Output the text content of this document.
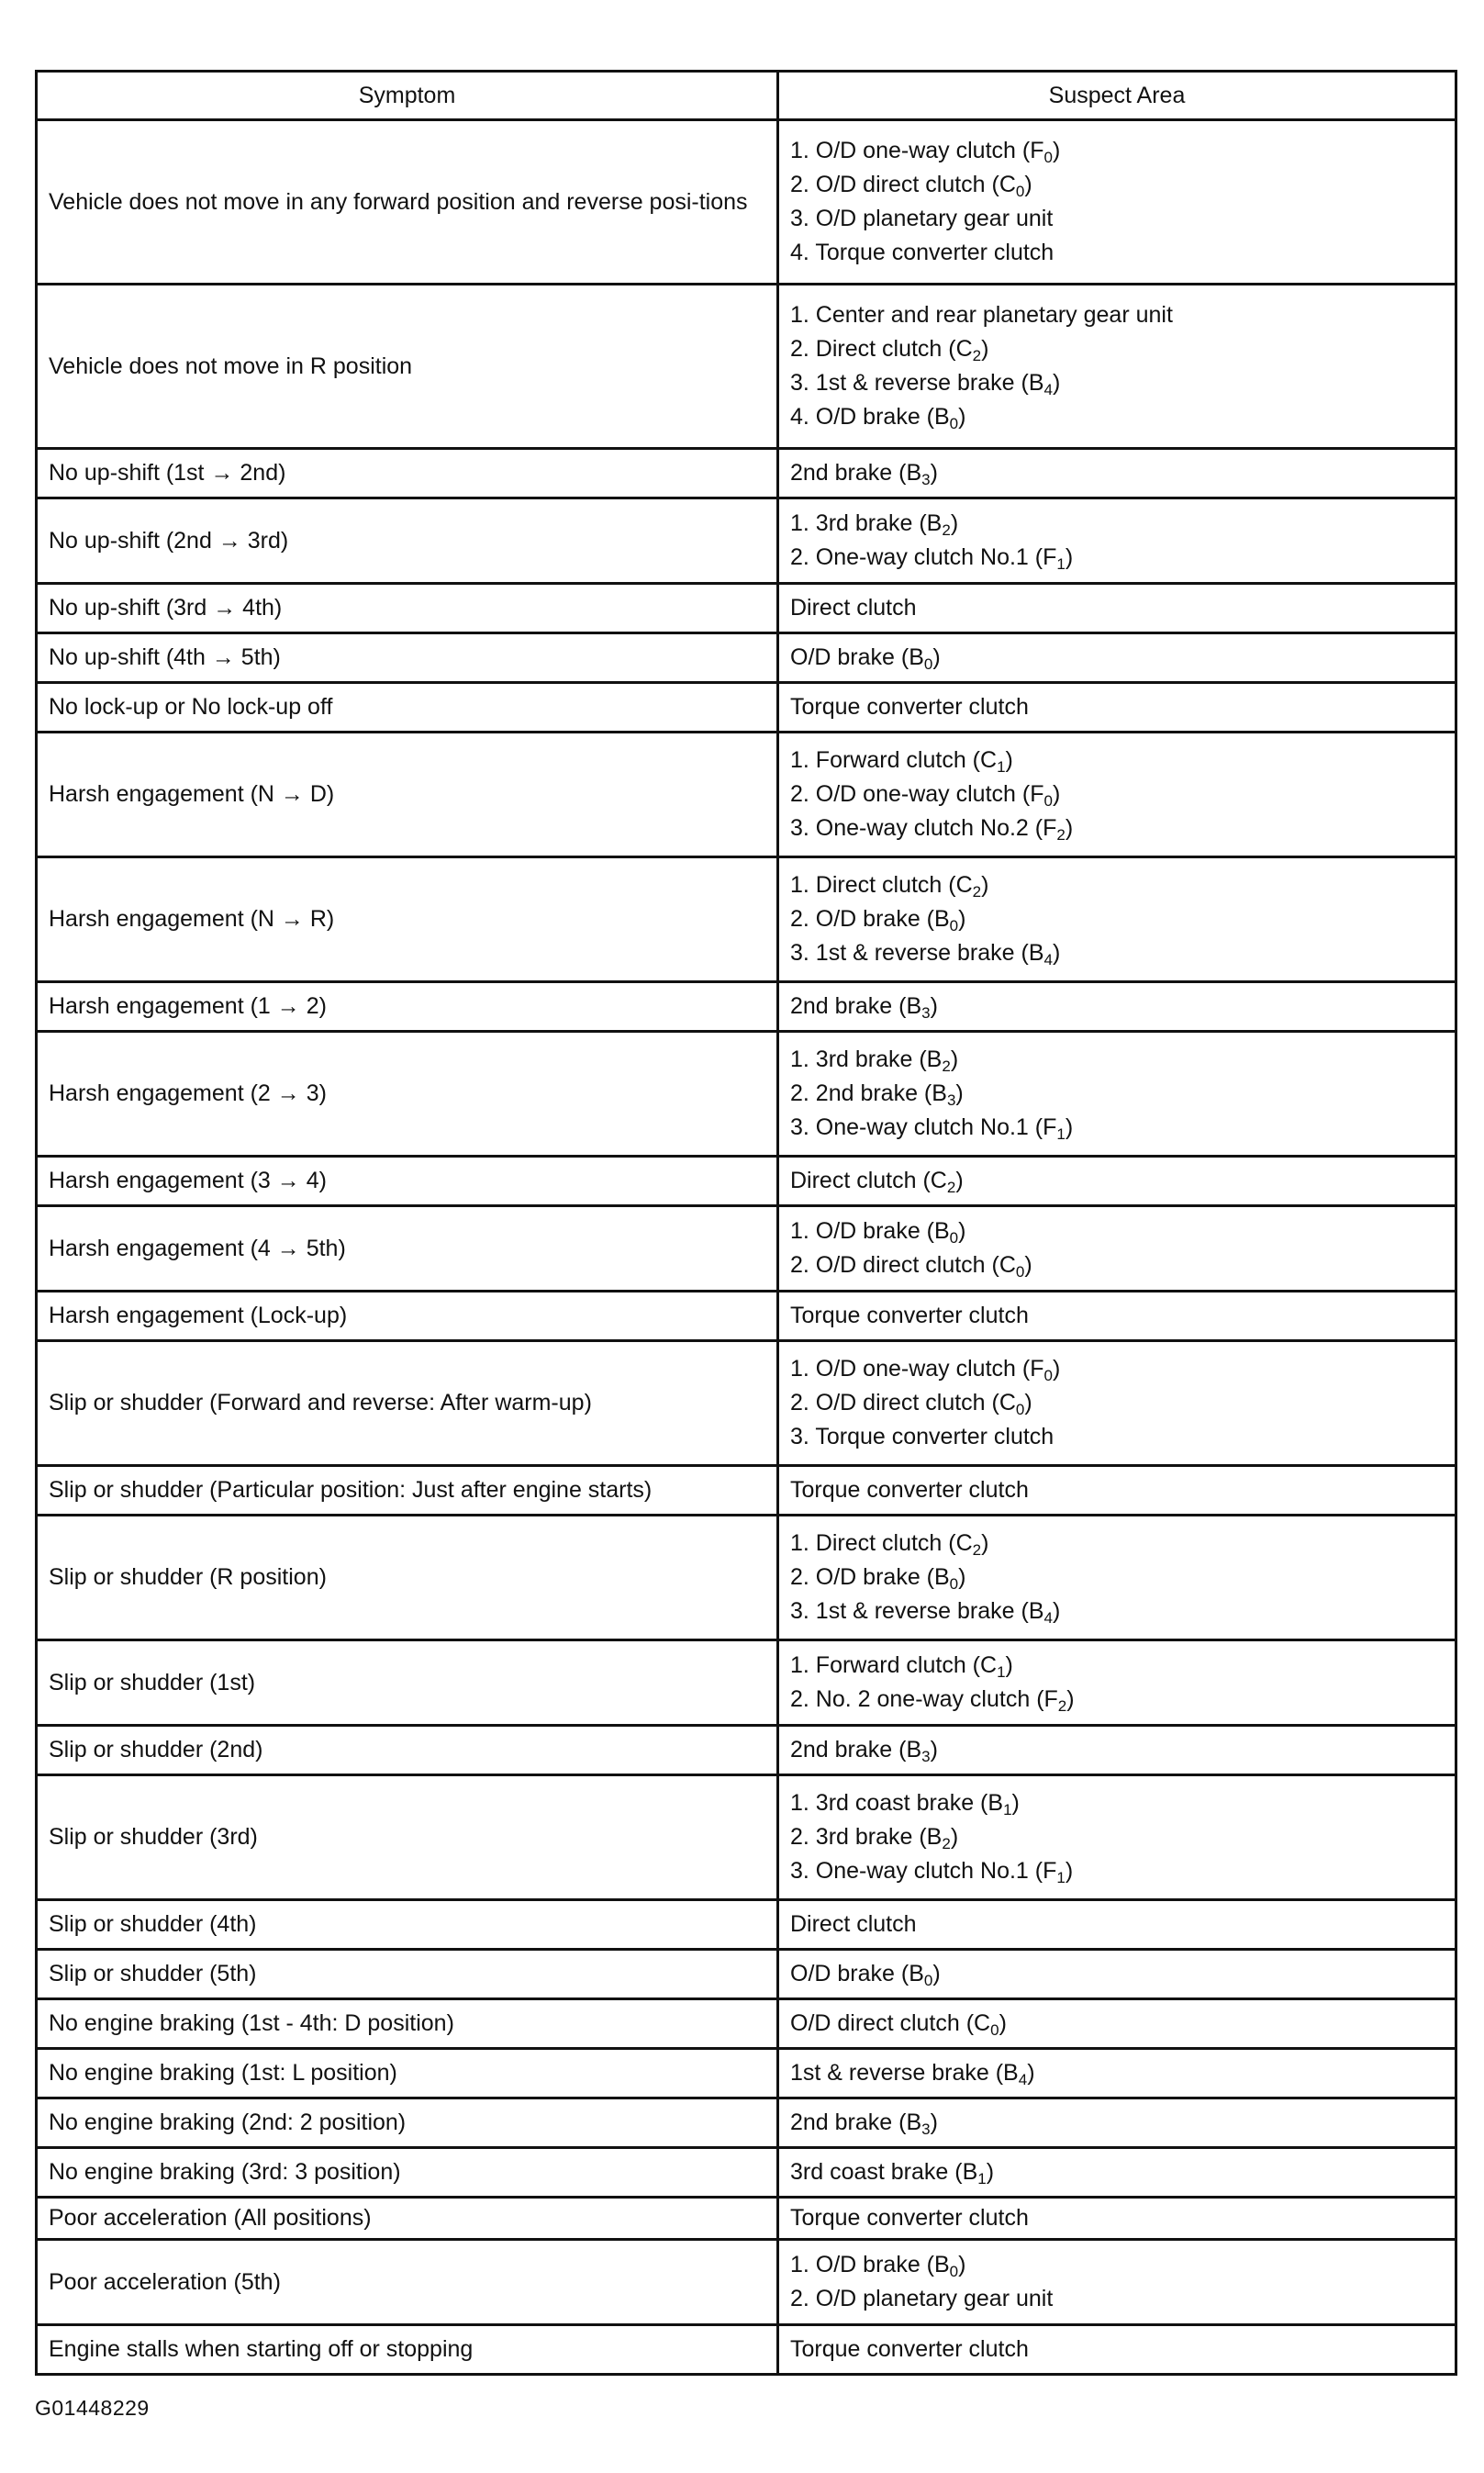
Symptom	Suspect Area
Vehicle does not move in any forward position and reverse posi-tions	1. O/D one-way clutch $(F_0)$
2. O/D direct clutch $(C_0)$
3. O/D planetary gear unit
4. Torque converter clutch

Vehicle does not move in R position	1. Center and rear planetary gear unit
2. Direct clutch $(C_2)$
3. 1st & reverse brake $(B_4)$
4. O/D brake $(B_0)$

No up-shift (1st → 2nd)	2nd brake $(B_3)$

No up-shift (2nd → 3rd)	1. 3rd brake $(B_2)$
2. One-way clutch No.1 $(F_1)$

No up-shift (3rd → 4th)	Direct clutch

No up-shift (4th → 5th)	O/D brake $(B_0)$

No lock-up or No lock-up off	Torque converter clutch

Harsh engagement (N → D)	1. Forward clutch $(C_1)$
2. O/D one-way clutch $(F_0)$
3. One-way clutch No.2 $(F_2)$

Harsh engagement (N → R)	1. Direct clutch $(C_2)$
2. O/D brake $(B_0)$
3. 1st & reverse brake $(B_4)$

Harsh engagement (1 → 2)	2nd brake $(B_3)$

Harsh engagement (2 → 3)	1. 3rd brake $(B_2)$
2. 2nd brake $(B_3)$
3. One-way clutch No.1 $(F_1)$

Harsh engagement (3 → 4)	Direct clutch $(C_2)$

Harsh engagement (4 → 5th)	1. O/D brake $(B_0)$
2. O/D direct clutch $(C_0)$

Harsh engagement (Lock-up)	Torque converter clutch

Slip or shudder (Forward and reverse: After warm-up)	1. O/D one-way clutch $(F_0)$
2. O/D direct clutch $(C_0)$
3. Torque converter clutch

Slip or shudder (Particular position: Just after engine starts)	Torque converter clutch

Slip or shudder (R position)	1. Direct clutch $(C_2)$
2. O/D brake $(B_0)$
3. 1st & reverse brake $(B_4)$

Slip or shudder (1st)	1. Forward clutch $(C_1)$
2. No. 2 one-way clutch $(F_2)$

Slip or shudder (2nd)	2nd brake $(B_3)$

Slip or shudder (3rd)	1. 3rd coast brake $(B_1)$
2. 3rd brake $(B_2)$
3. One-way clutch No.1 $(F_1)$

Slip or shudder (4th)	Direct clutch

Slip or shudder (5th)	O/D brake $(B_0)$

No engine braking (1st - 4th: D position)	O/D direct clutch $(C_0)$

No engine braking (1st: L position)	1st & reverse brake $(B_4)$

No engine braking (2nd: 2 position)	2nd brake $(B_3)$

No engine braking (3rd: 3 position)	3rd coast brake $(B_1)$

Poor acceleration (All positions)	Torque converter clutch

Poor acceleration (5th)	1. O/D brake $(B_0)$
2. O/D planetary gear unit

Engine stalls when starting off or stopping	Torque converter clutch
G01448229
